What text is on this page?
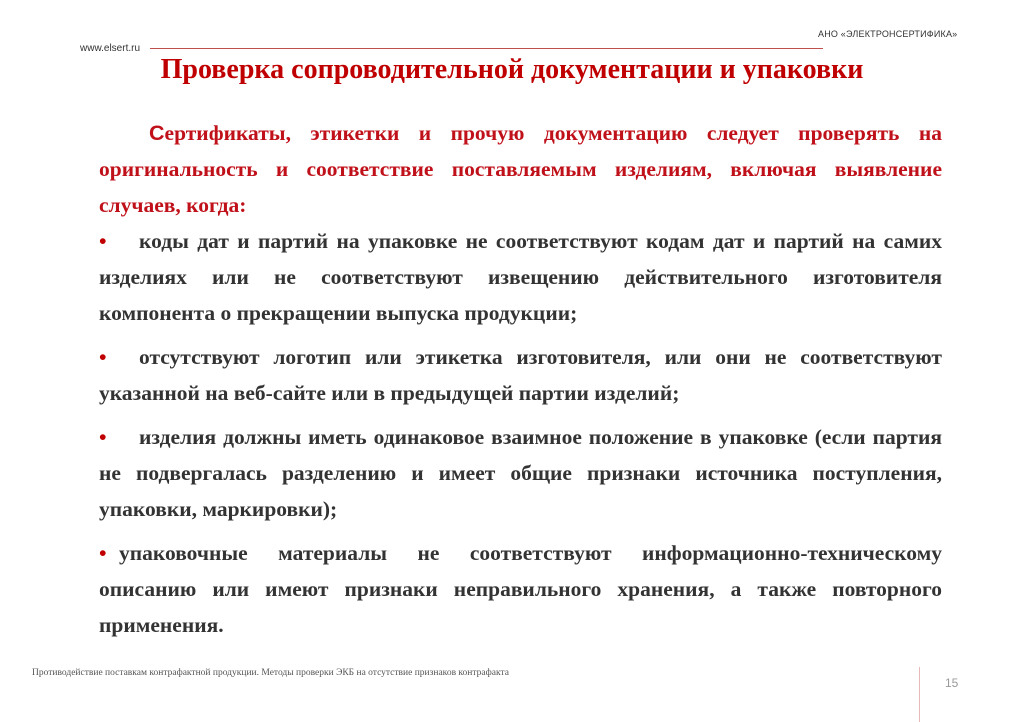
АНО «ЭЛЕКТРОНСЕРТИФИКА»
www.elsert.ru
Проверка сопроводительной документации и упаковки

Сертификаты, этикетки и прочую документацию следует проверять на оригинальность и соответствие поставляемым изделиям, включая выявление случаев, когда:

• коды дат и партий на упаковке не соответствуют кодам дат и партий на самих изделиях или не соответствуют извещению действительного изготовителя компонента о прекращении выпуска продукции;

• отсутствуют логотип или этикетка изготовителя, или они не соответствуют указанной на веб-сайте или в предыдущей партии изделий;

• изделия должны иметь одинаковое взаимное положение в упаковке (если партия не подвергалась разделению и имеет общие признаки источника поступления, упаковки, маркировки);

• упаковочные материалы не соответствуют информационно-техническому описанию или имеют признаки неправильного хранения, а также повторного применения.

Противодействие поставкам контрафактной продукции. Методы проверки ЭКБ на отсутствие признаков контрафакта
15
